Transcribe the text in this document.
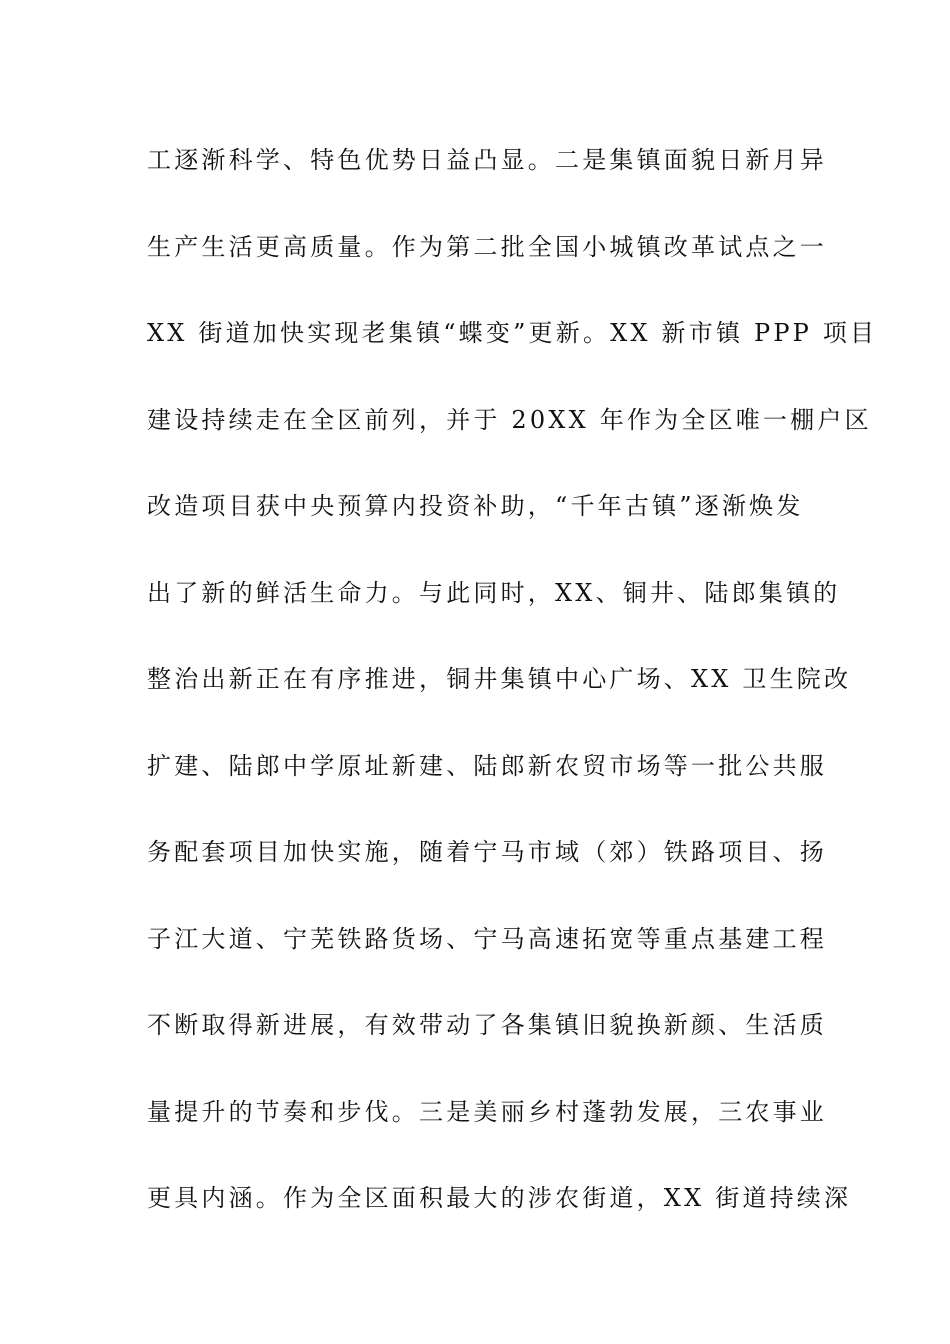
工逐渐科学、特色优势日益凸显。二是集镇面貌日新月异
生产生活更高质量。作为第二批全国小城镇改革试点之一
XX 街道加快实现老集镇“蝶变”更新。XX 新市镇 PPP 项目
建设持续走在全区前列，并于 20XX 年作为全区唯一棚户区
改造项目获中央预算内投资补助，“千年古镇”逐渐焕发
出了新的鲜活生命力。与此同时，XX、铜井、陆郎集镇的
整治出新正在有序推进，铜井集镇中心广场、XX 卫生院改
扩建、陆郎中学原址新建、陆郎新农贸市场等一批公共服
务配套项目加快实施，随着宁马市域（郊）铁路项目、扬
子江大道、宁芜铁路货场、宁马高速拓宽等重点基建工程
不断取得新进展，有效带动了各集镇旧貌换新颜、生活质
量提升的节奏和步伐。三是美丽乡村蓬勃发展，三农事业
更具内涵。作为全区面积最大的涉农街道，XX 街道持续深
